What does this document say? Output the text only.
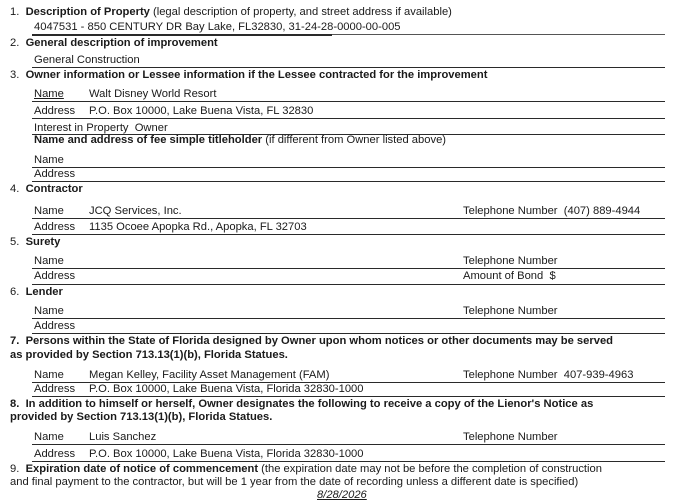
1. Description of Property (legal description of property, and street address if available)
4047531 - 850 CENTURY DR Bay Lake, FL32830, 31-24-28-0000-00-005
2. General description of improvement
General Construction
3. Owner information or Lessee information if the Lessee contracted for the improvement
Name Walt Disney World Resort
Address P.O. Box 10000, Lake Buena Vista, FL 32830
Interest in Property Owner
Name and address of fee simple titleholder (if different from Owner listed above)
Name
Address
4. Contractor
Name JCQ Services, Inc.	Telephone Number (407) 889-4944
Address 1135 Ocoee Apopka Rd., Apopka, FL 32703
5. Surety
Name	Telephone Number
Address	Amount of Bond $
6. Lender
Name	Telephone Number
Address
7. Persons within the State of Florida designed by Owner upon whom notices or other documents may be served
as provided by Section 713.13(1)(b), Florida Statues.
Name Megan Kelley, Facility Asset Management (FAM)	Telephone Number 407-939-4963
Address P.O. Box 10000, Lake Buena Vista, Florida 32830-1000
8. In addition to himself or herself, Owner designates the following to receive a copy of the Lienor's Notice as
provided by Section 713.13(1)(b), Florida Statues.
Name Luis Sanchez	Telephone Number
Address P.O. Box 10000, Lake Buena Vista, Florida 32830-1000
9. Expiration date of notice of commencement (the expiration date may not be before the completion of construction
and final payment to the contractor, but will be 1 year from the date of recording unless a different date is specified)
8/28/2026
